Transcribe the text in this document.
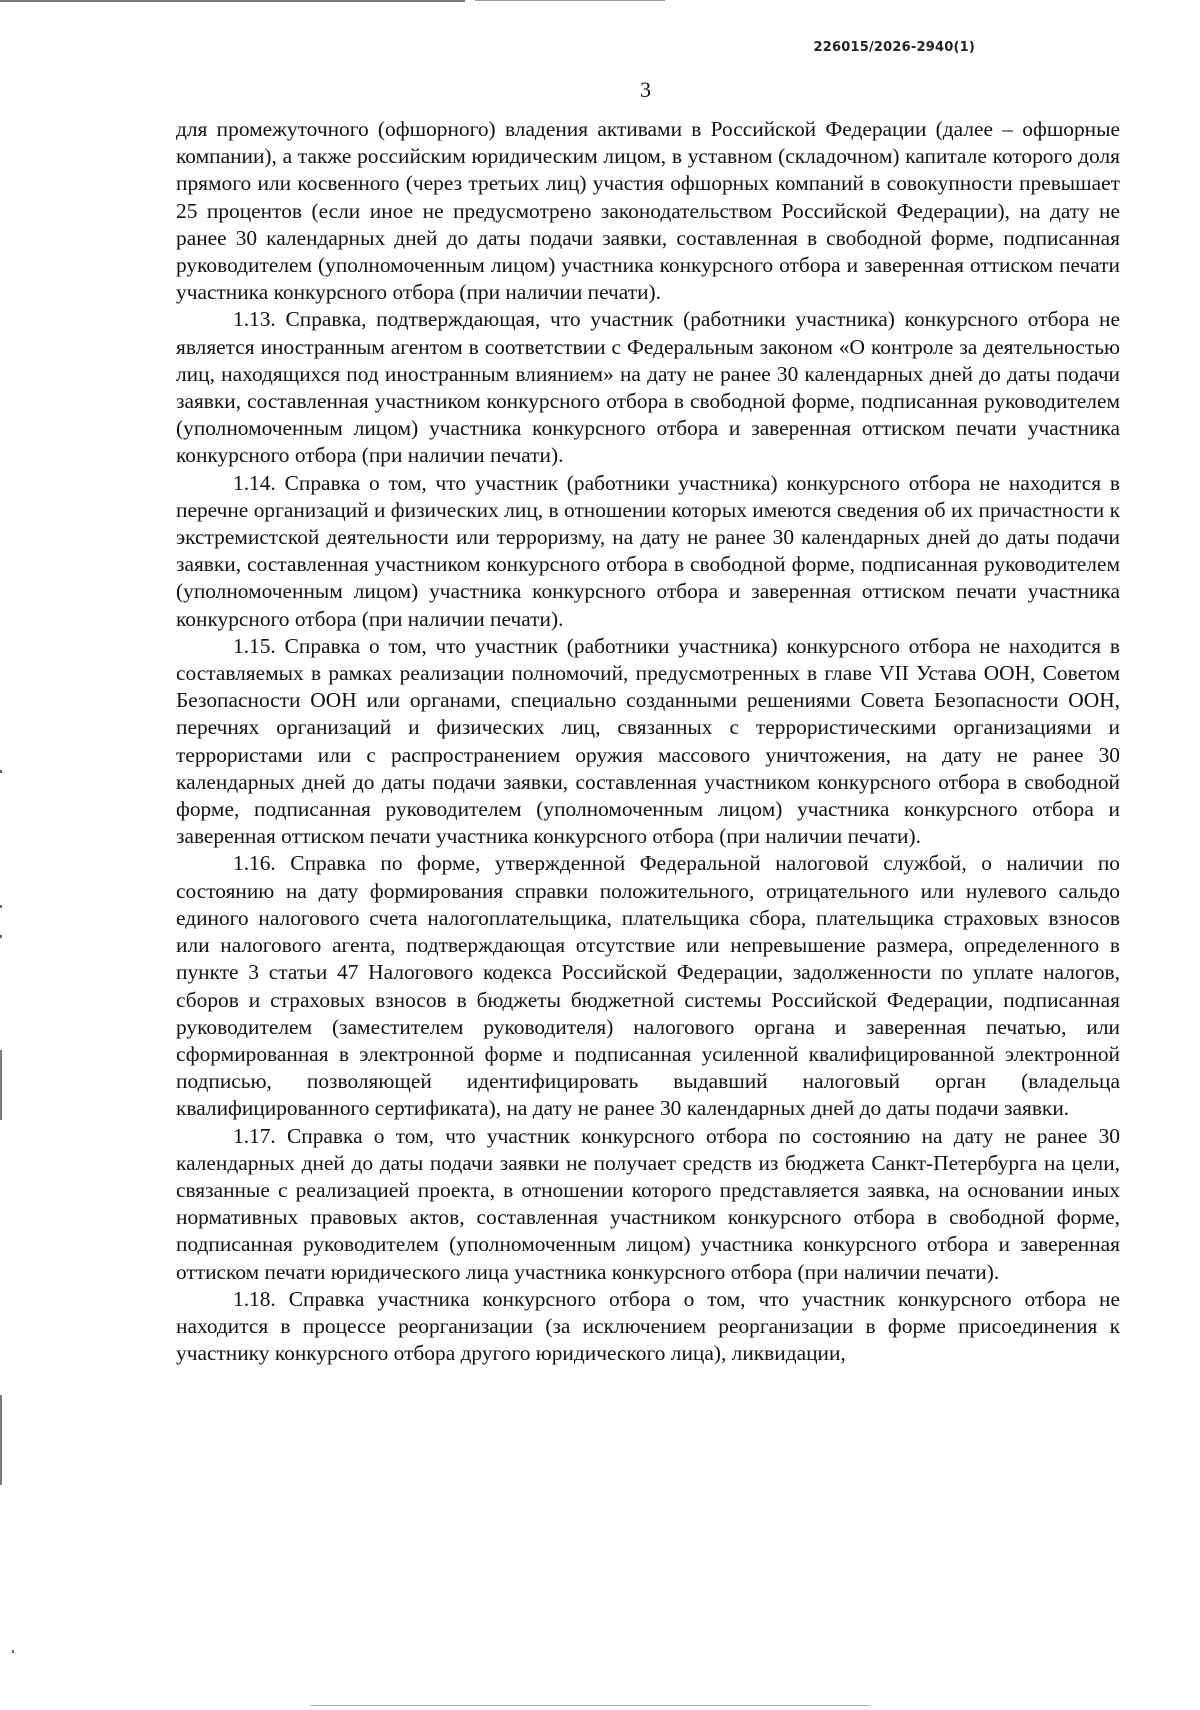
226015/2026-2940(1)
3

для промежуточного (офшорного) владения активами в Российской Федерации (далее – офшорные компании), а также российским юридическим лицом, в уставном (складочном) капитале которого доля прямого или косвенного (через третьих лиц) участия офшорных компаний в совокупности превышает 25 процентов (если иное не предусмотрено законодательством Российской Федерации), на дату не ранее 30 календарных дней до даты подачи заявки, составленная в свободной форме, подписанная руководителем (уполномоченным лицом) участника конкурсного отбора и заверенная оттиском печати участника конкурсного отбора (при наличии печати).

1.13. Справка, подтверждающая, что участник (работники участника) конкурсного отбора не является иностранным агентом в соответствии с Федеральным законом «О контроле за деятельностью лиц, находящихся под иностранным влиянием» на дату не ранее 30 календарных дней до даты подачи заявки, составленная участником конкурсного отбора в свободной форме, подписанная руководителем (уполномоченным лицом) участника конкурсного отбора и заверенная оттиском печати участника конкурсного отбора (при наличии печати).

1.14. Справка о том, что участник (работники участника) конкурсного отбора не находится в перечне организаций и физических лиц, в отношении которых имеются сведения об их причастности к экстремистской деятельности или терроризму, на дату не ранее 30 календарных дней до даты подачи заявки, составленная участником конкурсного отбора в свободной форме, подписанная руководителем (уполномоченным лицом) участника конкурсного отбора и заверенная оттиском печати участника конкурсного отбора (при наличии печати).

1.15. Справка о том, что участник (работники участника) конкурсного отбора не находится в составляемых в рамках реализации полномочий, предусмотренных в главе VII Устава ООН, Советом Безопасности ООН или органами, специально созданными решениями Совета Безопасности ООН, перечнях организаций и физических лиц, связанных с террористическими организациями и террористами или с распространением оружия массового уничтожения, на дату не ранее 30 календарных дней до даты подачи заявки, составленная участником конкурсного отбора в свободной форме, подписанная руководителем (уполномоченным лицом) участника конкурсного отбора и заверенная оттиском печати участника конкурсного отбора (при наличии печати).

1.16. Справка по форме, утвержденной Федеральной налоговой службой, о наличии по состоянию на дату формирования справки положительного, отрицательного или нулевого сальдо единого налогового счета налогоплательщика, плательщика сбора, плательщика страховых взносов или налогового агента, подтверждающая отсутствие или непревышение размера, определенного в пункте 3 статьи 47 Налогового кодекса Российской Федерации, задолженности по уплате налогов, сборов и страховых взносов в бюджеты бюджетной системы Российской Федерации, подписанная руководителем (заместителем руководителя) налогового органа и заверенная печатью, или сформированная в электронной форме и подписанная усиленной квалифицированной электронной подписью, позволяющей идентифицировать выдавший налоговый орган (владельца квалифицированного сертификата), на дату не ранее 30 календарных дней до даты подачи заявки.

1.17. Справка о том, что участник конкурсного отбора по состоянию на дату не ранее 30 календарных дней до даты подачи заявки не получает средств из бюджета Санкт-Петербурга на цели, связанные с реализацией проекта, в отношении которого представляется заявка, на основании иных нормативных правовых актов, составленная участником конкурсного отбора в свободной форме, подписанная руководителем (уполномоченным лицом) участника конкурсного отбора и заверенная оттиском печати юридического лица участника конкурсного отбора (при наличии печати).

1.18. Справка участника конкурсного отбора о том, что участник конкурсного отбора не находится в процессе реорганизации (за исключением реорганизации в форме присоединения к участнику конкурсного отбора другого юридического лица), ликвидации,
